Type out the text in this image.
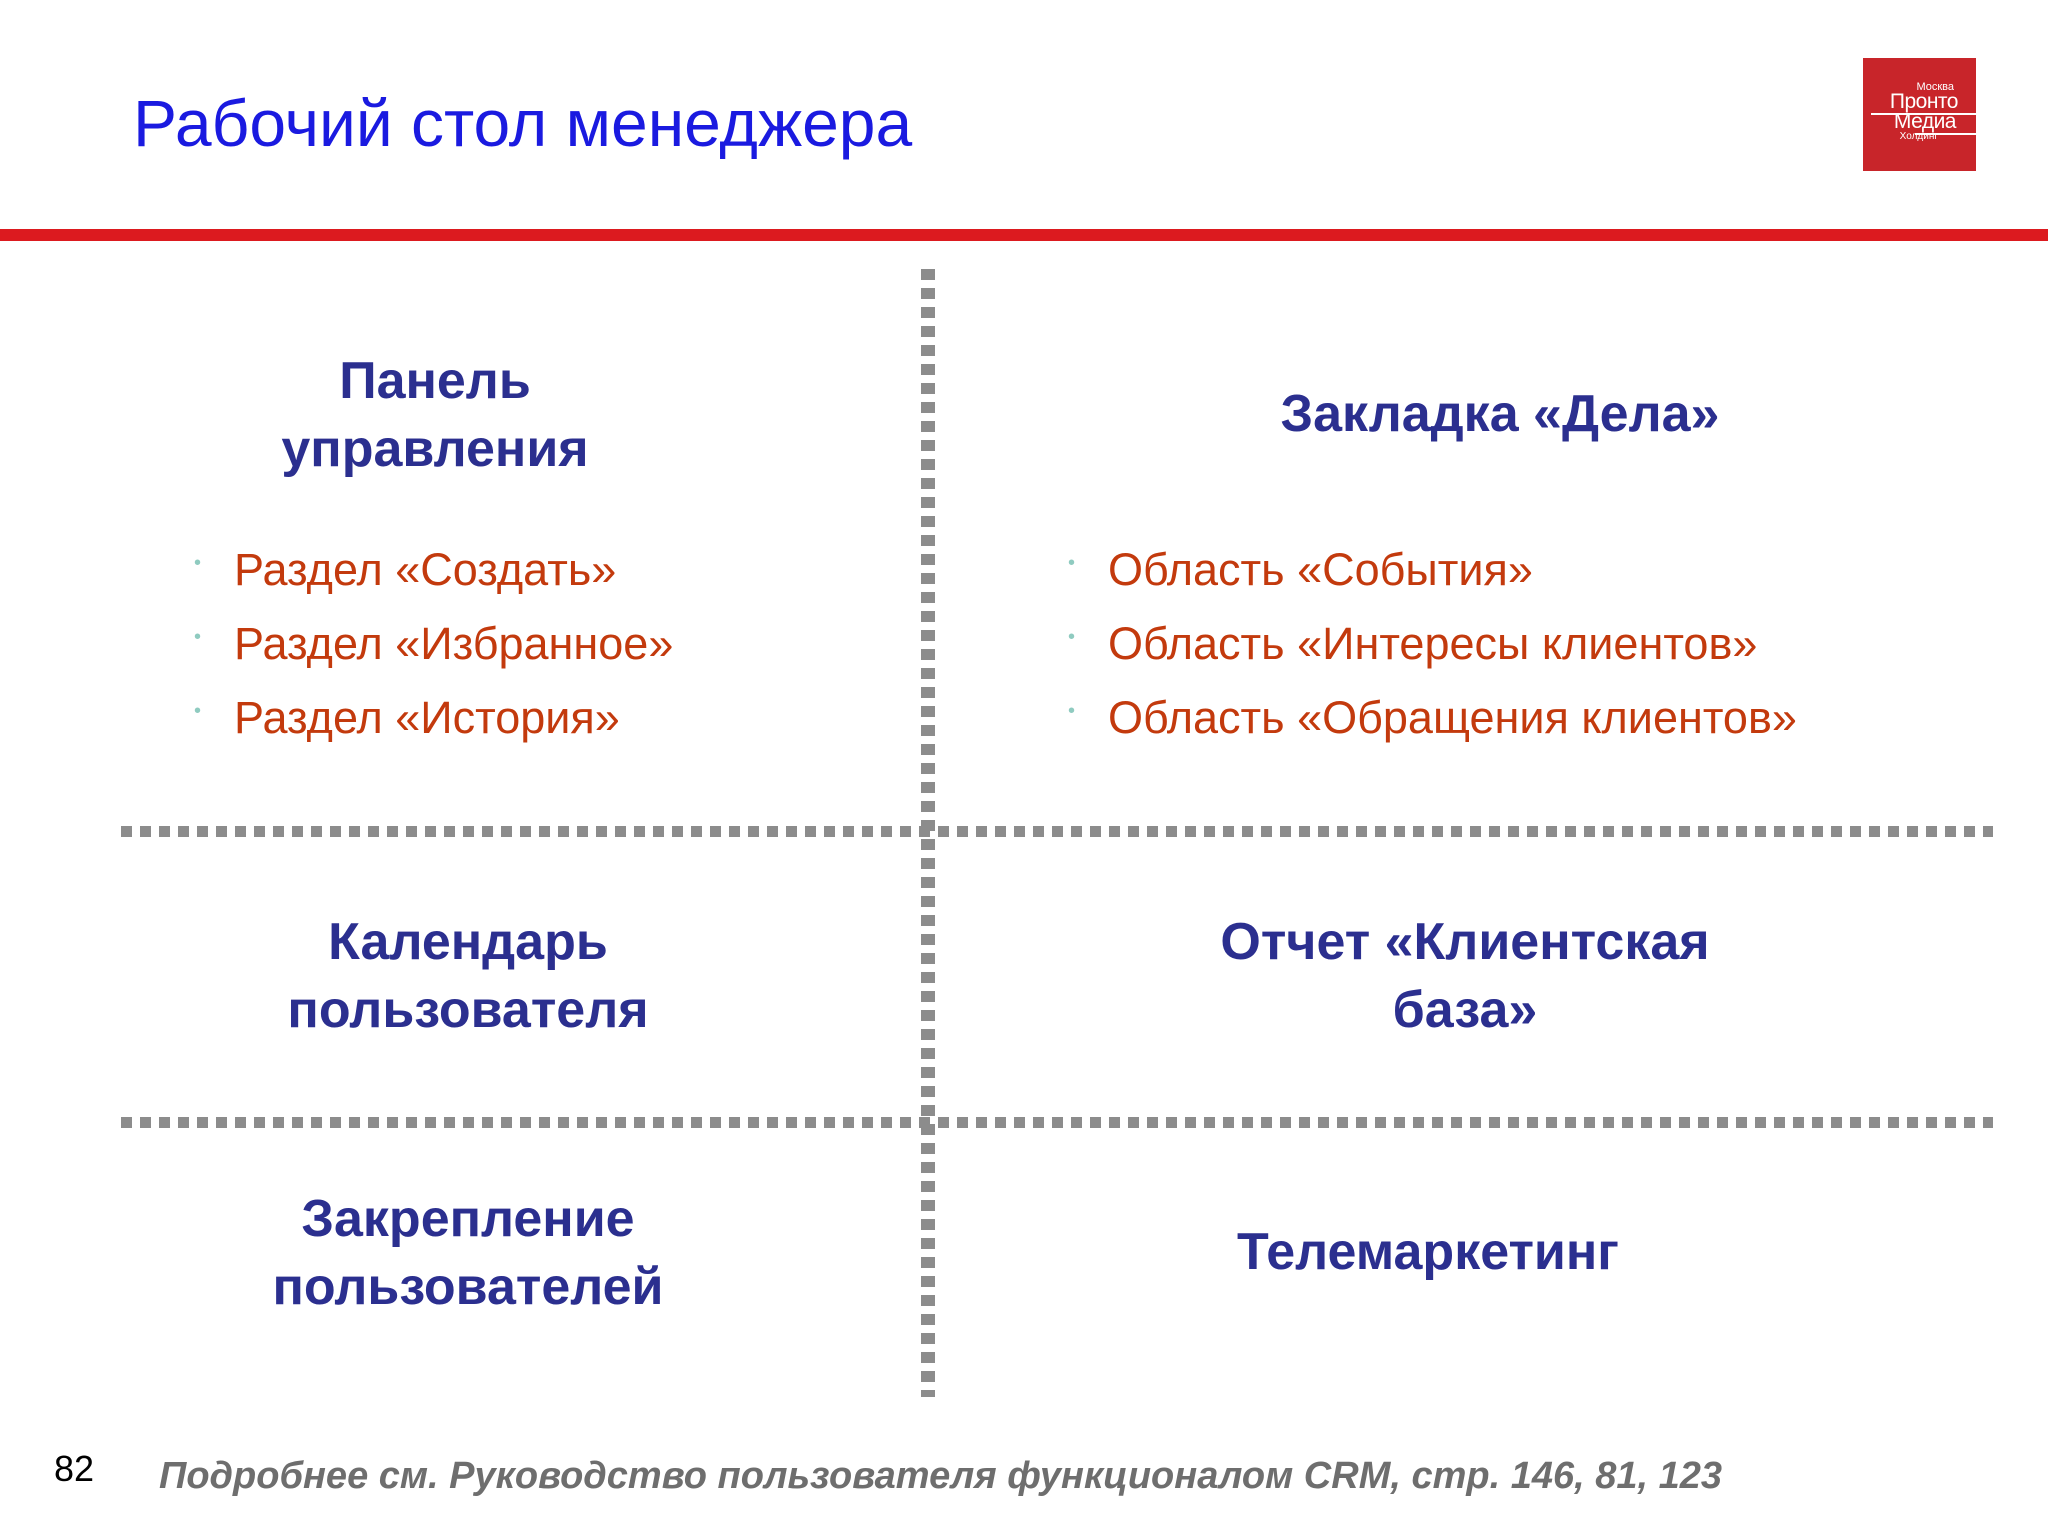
Рабочий стол менеджера	Москва
Пронто
Медиа
Холдинг
Панель
управления
• Раздел «Создать»
• Раздел «Избранное»
• Раздел «История»
Закладка «Дела»
• Область «События»
• Область «Интересы клиентов»
• Область «Обращения клиентов»
Календарь
пользователя
Отчет «Клиентская
база»
Закрепление
пользователей
Телемаркетинг
82 Подробнее см. Руководство пользователя функционалом CRM, стр. 146, 81, 123
